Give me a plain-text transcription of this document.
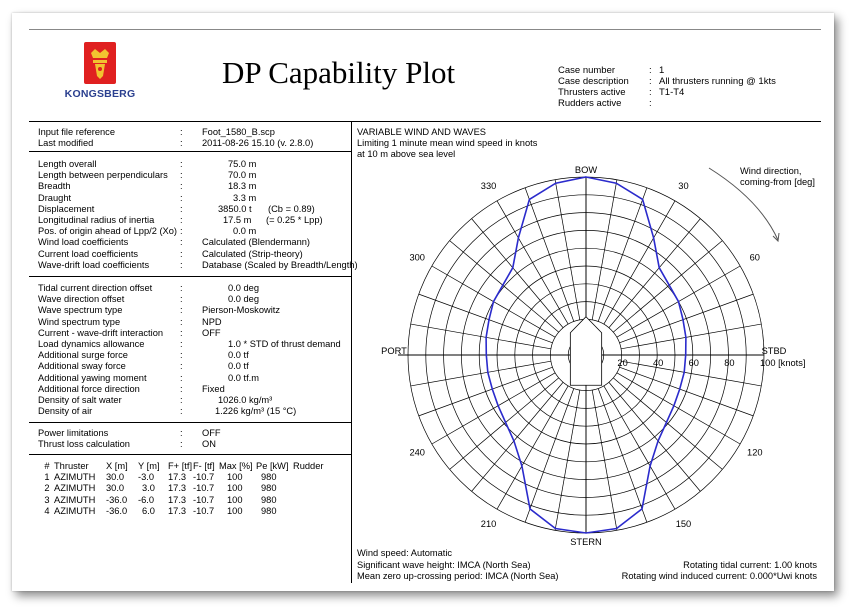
KONGSBERG
DP Capability Plot	Case number	: 1
Case description : All thrusters running @ 1kts
Thrusters active : T1-T4
Rudders active	:
Input file reference	: Foot_1580_B.scp
Last modified	: 2011-08-26 15.10 (v. 2.8.0)
Length overall	:	75.0 m
Length between perpendiculars :	70.0 m
Breadth	:	18.3 m
Draught	:	3.3 m
Displacement	:	3850.0 t (Cb = 0.89)
Longitudinal radius of inertia	:	17.5 m (= 0.25 * Lpp)
Pos. of origin ahead of Lpp/2 (Xo) :	0.0 m
Wind load coefficients	: Calculated (Blendermann)
Current load coefficients	: Calculated (Strip-theory)
Wave-drift load coefficients	: Database (Scaled by Breadth/Length)
Tidal current direction offset	:	0.0 deg
Wave direction offset	:	0.0 deg
Wave spectrum type	: Pierson-Moskowitz
Wind spectrum type	: NPD
Current - wave-drift interaction : OFF
Load dynamics allowance	:	1.0 * STD of thrust demand
Additional surge force	:	0.0 tf
Additional sway force	:	0.0 tf
Additional yawing moment	:	0.0 tf.m
Additional force direction	: Fixed
Density of salt water	:	1026.0 kg/m³
Density of air	:	1.226 kg/m³ (15 °C)
Power limitations	: OFF
Thrust loss calculation	: ON
#	Thruster	X [m]	Y [m]	F+ [tf]	F- [tf]	Max [%]	Pe [kW]	Rudder
1	AZIMUTH	30.0	-3.0	17.3	-10.7	100	980	
2	AZIMUTH	30.0	3.0	17.3	-10.7	100	980	
3	AZIMUTH	-36.0	-6.0	17.3	-10.7	100	980	
4	AZIMUTH	-36.0	6.0	17.3	-10.7	100	980	
VARIABLE WIND AND WAVES
Limiting 1 minute mean wind speed in knots
at 10 m above sea level
Wind direction,
coming-from [deg]
Wind speed: Automatic
Significant wave height: IMCA (North Sea)
Mean zero up-crossing period: IMCA (North Sea)
Rotating tidal current: 1.00 knots
Rotating wind induced current: 0.000*Uwi knots
BOW
STERN
PORT	STBD
30
60
120
150
210
240
300
330
20	40	60	80	100 [knots]
